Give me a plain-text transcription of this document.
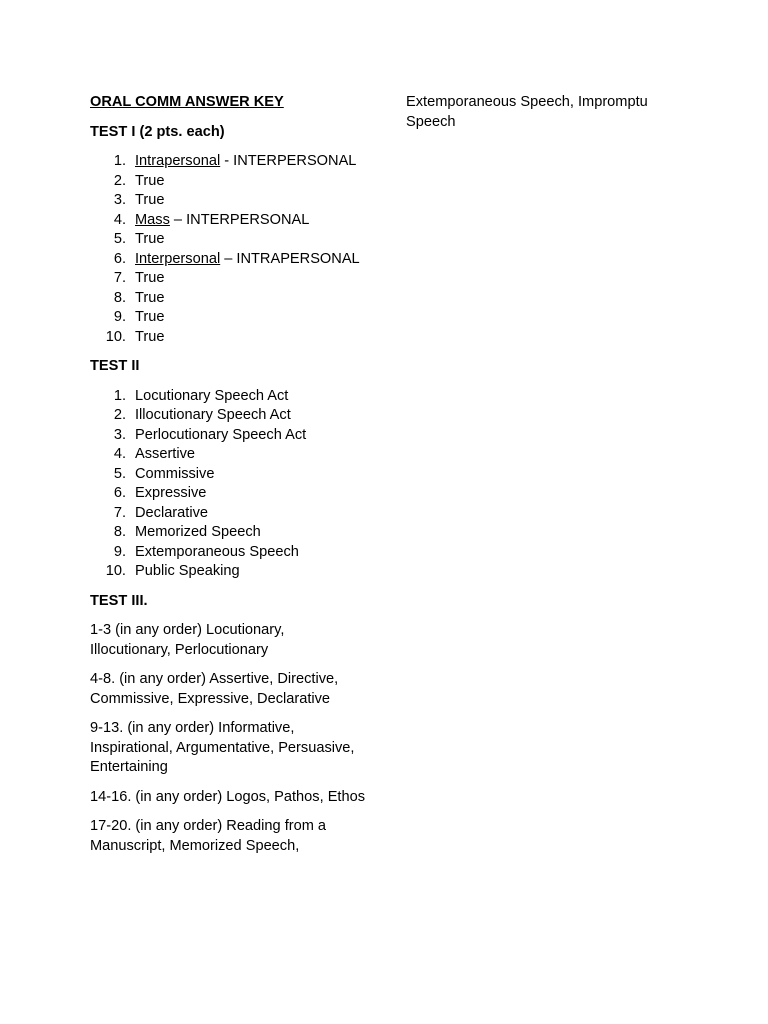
ORAL COMM ANSWER KEY
TEST I (2 pts. each)
1. Intrapersonal - INTERPERSONAL
2. True
3. True
4. Mass – INTERPERSONAL
5. True
6. Interpersonal – INTRAPERSONAL
7. True
8. True
9. True
10. True
TEST II
1. Locutionary Speech Act
2. Illocutionary Speech Act
3. Perlocutionary Speech Act
4. Assertive
5. Commissive
6. Expressive
7. Declarative
8. Memorized Speech
9. Extemporaneous Speech
10. Public Speaking
TEST III.

1-3 (in any order) Locutionary, Illocutionary, Perlocutionary

4-8. (in any order) Assertive, Directive, Commissive, Expressive, Declarative

9-13. (in any order) Informative, Inspirational, Argumentative, Persuasive, Entertaining

14-16. (in any order) Logos, Pathos, Ethos

17-20. (in any order) Reading from a Manuscript, Memorized Speech,

Extemporaneous Speech, Impromptu Speech
